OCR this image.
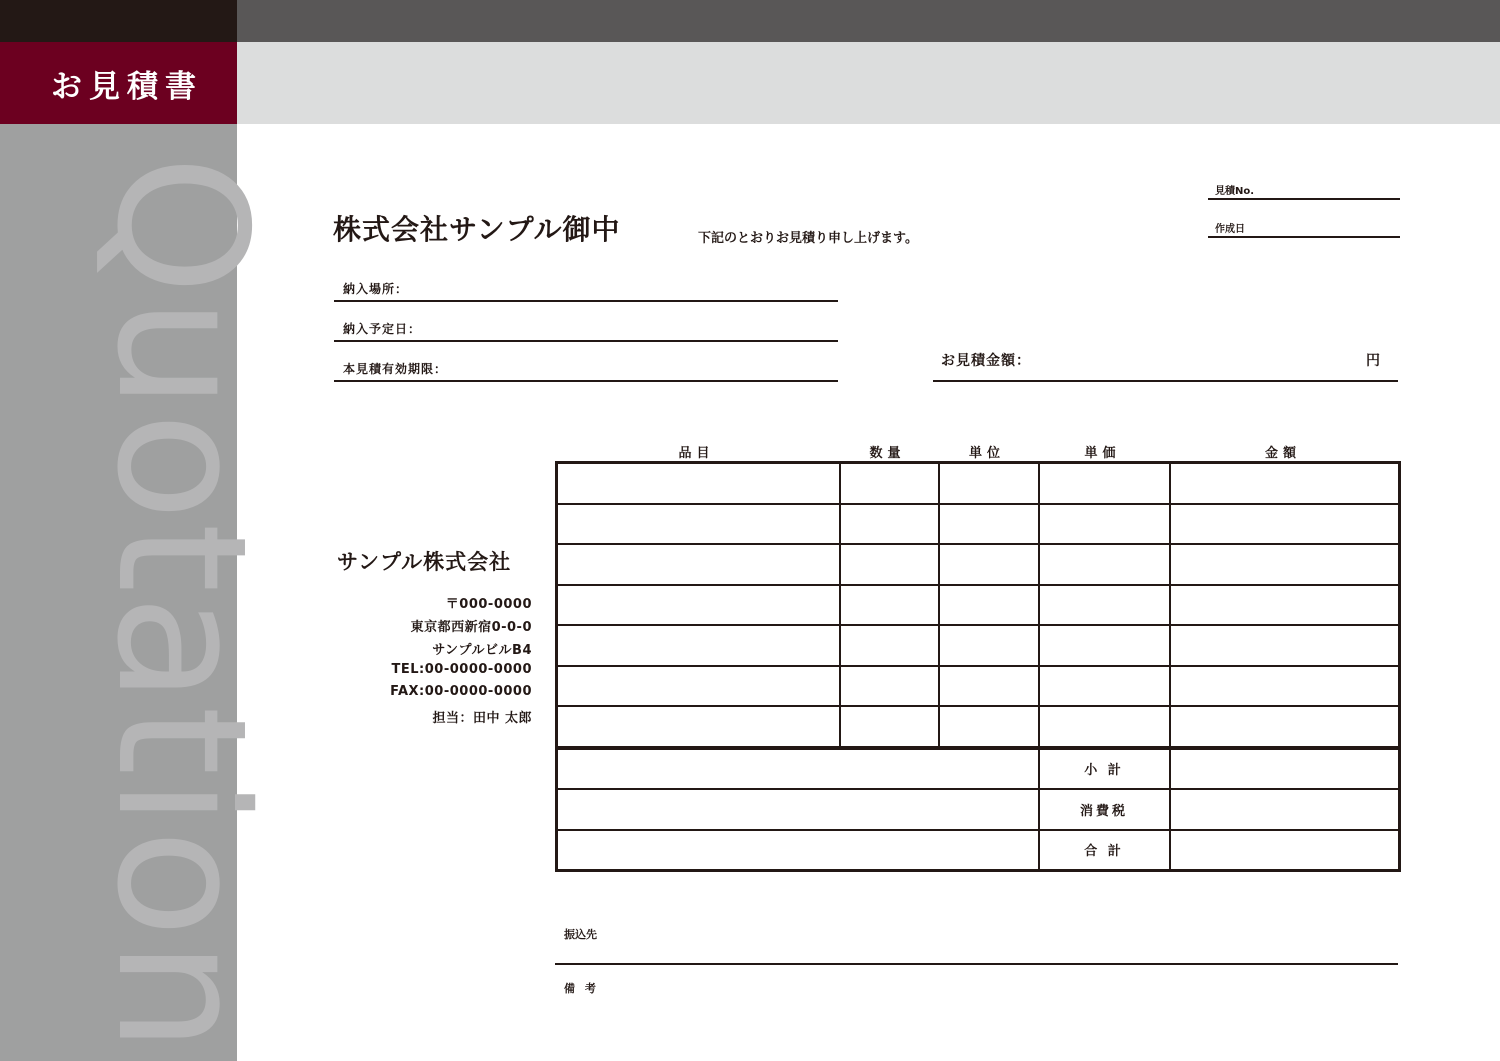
お見積書
Quotation 株式会社サンプル御中	下記のとおりお見積り申し上げます。
見積No.
作成日
納入場所：
納入予定日：
本見積有効期限：	お見積金額：	円
品目	数量	単位	単価	金額

			小 計	
			消費税	
			合 計	
サンプル株式会社
〒000-0000
東京都西新宿0-0-0
サンプルビルB4
TEL:00-0000-0000
FAX:00-0000-0000
担当：田中 太郎
振込先
備 考
